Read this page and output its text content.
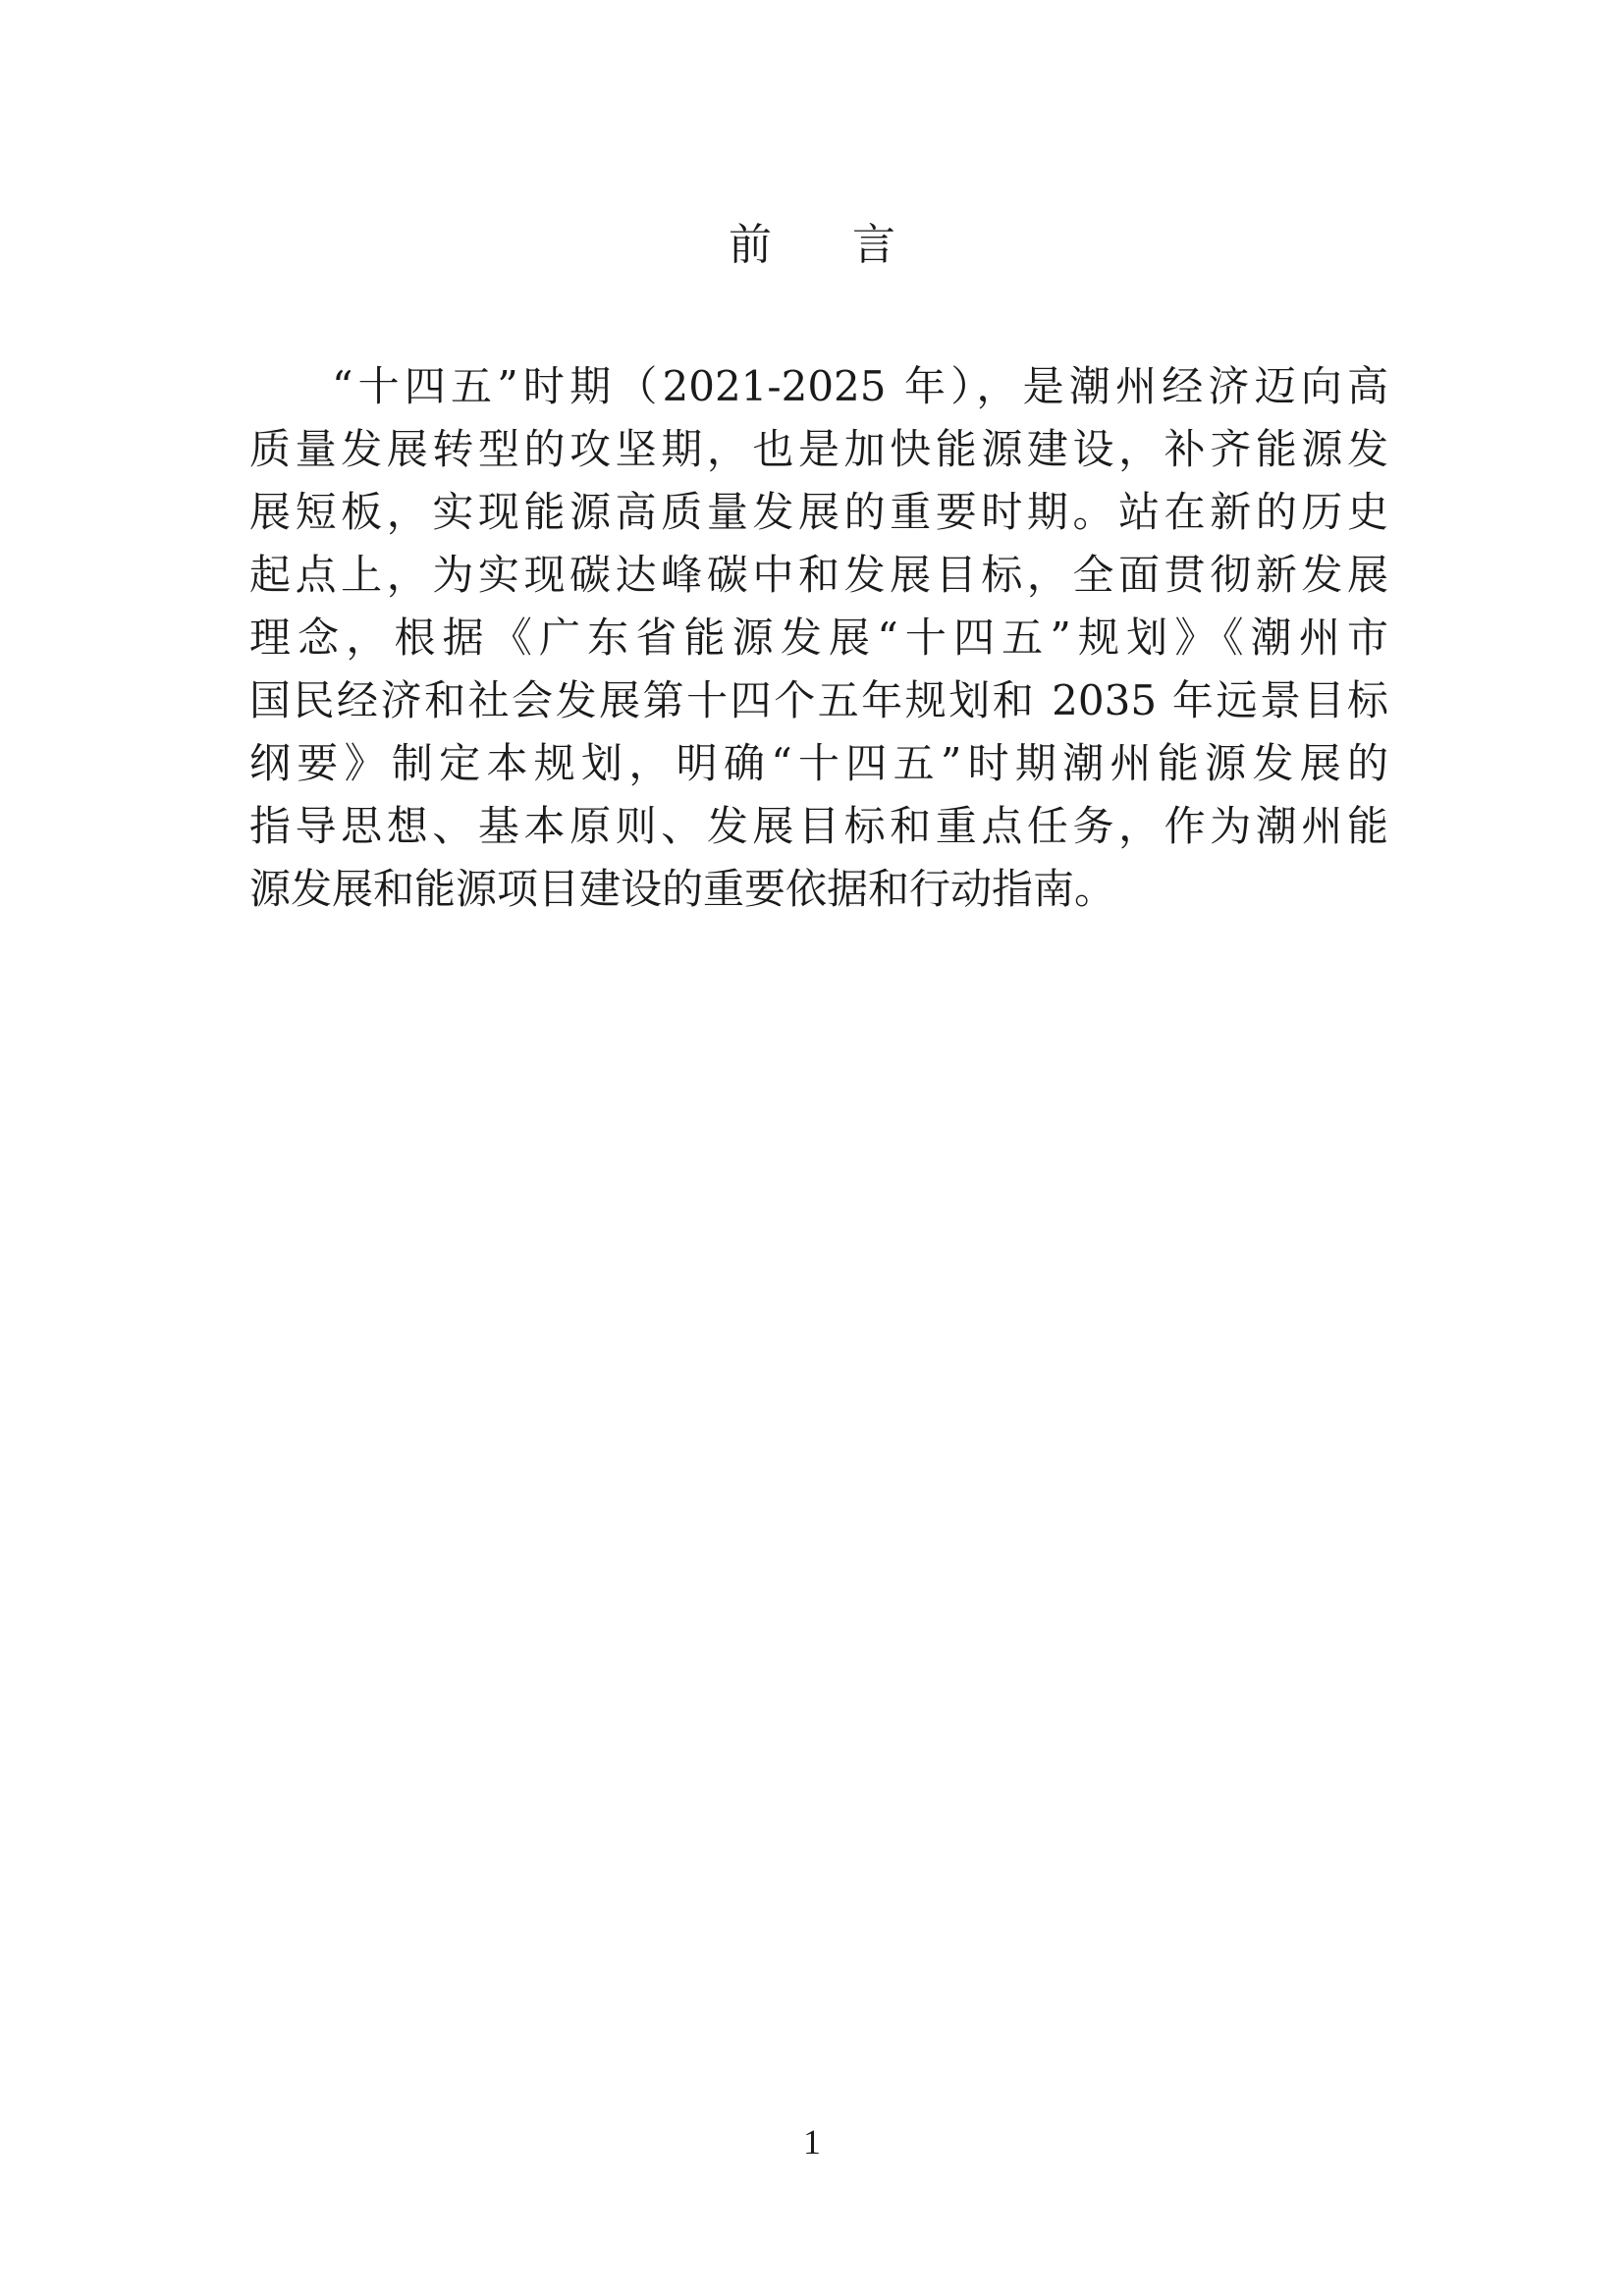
前 言
“十四五”时期（2021-2025 年），是潮州经济迈向高
质量发展转型的攻坚期，也是加快能源建设，补齐能源发
展短板，实现能源高质量发展的重要时期。站在新的历史
起点上，为实现碳达峰碳中和发展目标，全面贯彻新发展
理念，根据《广东省能源发展“十四五”规划》《潮州市
国民经济和社会发展第十四个五年规划和 2035 年远景目标
纲要》制定本规划，明确“十四五”时期潮州能源发展的
指导思想、基本原则、发展目标和重点任务，作为潮州能
源发展和能源项目建设的重要依据和行动指南。
1
